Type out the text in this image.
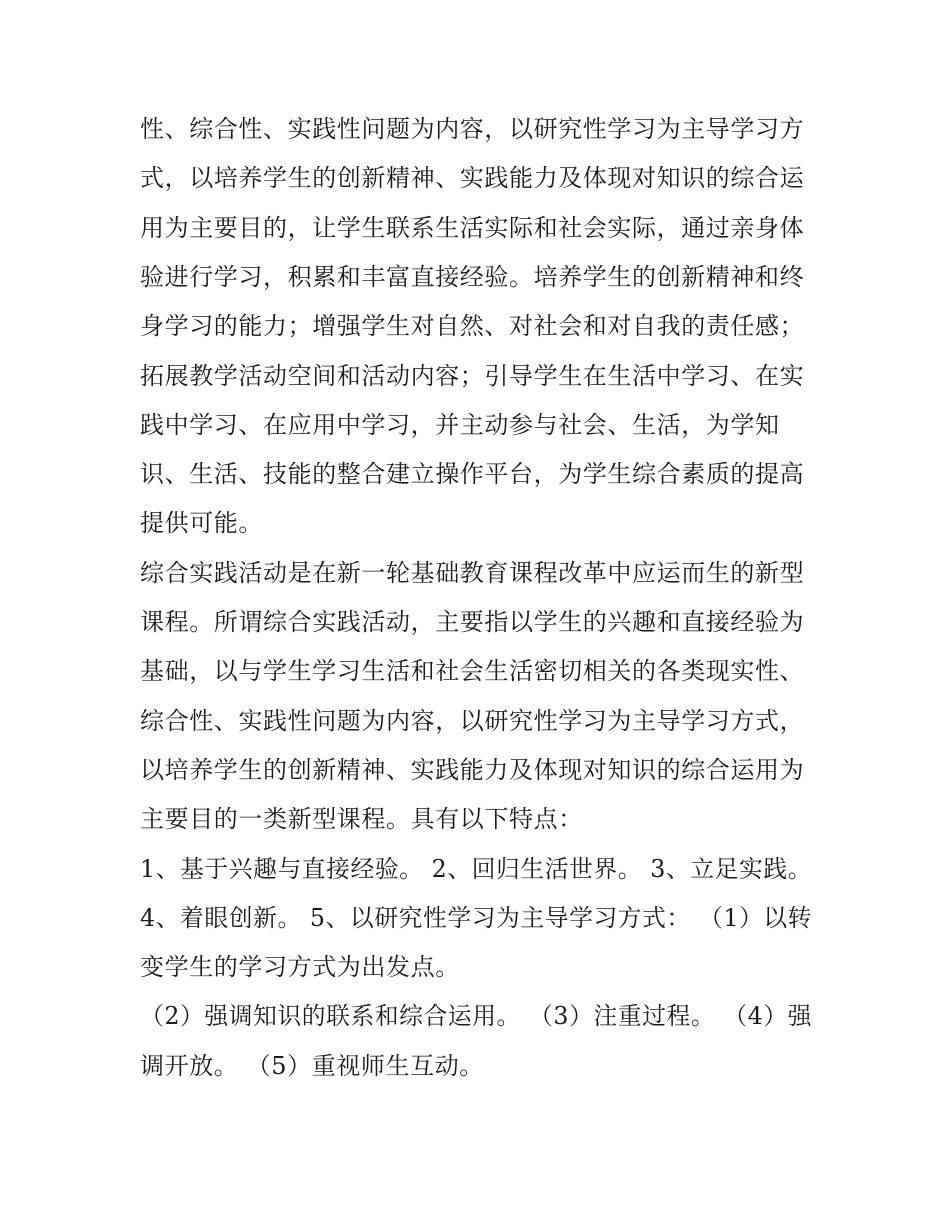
性、综合性、实践性问题为内容，以研究性学习为主导学习方
式，以培养学生的创新精神、实践能力及体现对知识的综合运
用为主要目的，让学生联系生活实际和社会实际，通过亲身体
验进行学习，积累和丰富直接经验。培养学生的创新精神和终
身学习的能力；增强学生对自然、对社会和对自我的责任感；
拓展教学活动空间和活动内容；引导学生在生活中学习、在实
践中学习、在应用中学习，并主动参与社会、生活，为学知
识、生活、技能的整合建立操作平台，为学生综合素质的提高
提供可能。
综合实践活动是在新一轮基础教育课程改革中应运而生的新型
课程。所谓综合实践活动，主要指以学生的兴趣和直接经验为
基础，以与学生学习生活和社会生活密切相关的各类现实性、
综合性、实践性问题为内容，以研究性学习为主导学习方式，
以培养学生的创新精神、实践能力及体现对知识的综合运用为
主要目的一类新型课程。具有以下特点：
1、基于兴趣与直接经验。 2、回归生活世界。 3、立足实践。
4、着眼创新。 5、以研究性学习为主导学习方式： （1）以转
变学生的学习方式为出发点。
（2）强调知识的联系和综合运用。 （3）注重过程。 （4）强
调开放。 （5）重视师生互动。
